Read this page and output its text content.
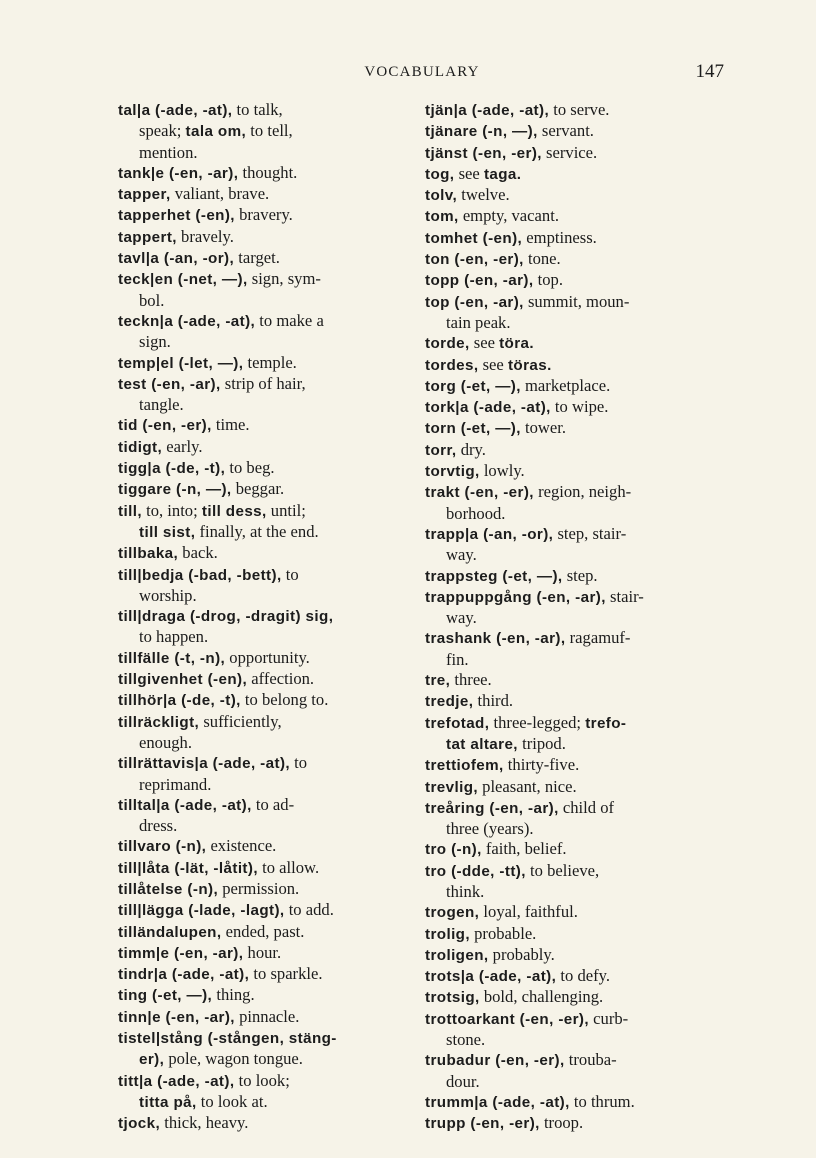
VOCABULARY	147

tal|a (-ade, -at), to talk,
speak; tala om, to tell,
mention.

tank|e (-en, -ar), thought.

tapper, valiant, brave.

tapperhet (-en), bravery.

tappert, bravely.

tavl|a (-an, -or), target.

teck|en (-net, —), sign, sym-
bol.

teckn|a (-ade, -at), to make a
sign.

temp|el (-let, —), temple.

test (-en, -ar), strip of hair,
tangle.

tid (-en, -er), time.

tidigt, early.

tigg|a (-de, -t), to beg.

tiggare (-n, —), beggar.

till, to, into; till dess, until;
till sist, finally, at the end.

tillbaka, back.

till|bedja (-bad, -bett), to
worship.

till|draga (-drog, -dragit) sig,
to happen.

tillfälle (-t, -n), opportunity.

tillgivenhet (-en), affection.

tillhör|a (-de, -t), to belong to.

tillräckligt, sufficiently,
enough.

tillrättavis|a (-ade, -at), to
reprimand.

tilltal|a (-ade, -at), to ad-
dress.

tillvaro (-n), existence.

till|låta (-lät, -låtit), to allow.

tillåtelse (-n), permission.

till|lägga (-lade, -lagt), to add.

tilländalupen, ended, past.

timm|e (-en, -ar), hour.

tindr|a (-ade, -at), to sparkle.

ting (-et, —), thing.

tinn|e (-en, -ar), pinnacle.

tistel|stång (-stången, stäng-
er), pole, wagon tongue.

titt|a (-ade, -at), to look;
titta på, to look at.

tjock, thick, heavy.

tjän|a (-ade, -at), to serve.

tjänare (-n, —), servant.

tjänst (-en, -er), service.

tog, see taga.

tolv, twelve.

tom, empty, vacant.

tomhet (-en), emptiness.

ton (-en, -er), tone.

topp (-en, -ar), top.

top (-en, -ar), summit, moun-
tain peak.

torde, see töra.

tordes, see töras.

torg (-et, —), marketplace.

tork|a (-ade, -at), to wipe.

torn (-et, —), tower.

torr, dry.

torvtig, lowly.

trakt (-en, -er), region, neigh-
borhood.

trapp|a (-an, -or), step, stair-
way.

trappsteg (-et, —), step.

trappuppgång (-en, -ar), stair-
way.

trashank (-en, -ar), ragamuf-
fin.

tre, three.

tredje, third.

trefotad, three-legged; trefo-
tat altare, tripod.

trettiofem, thirty-five.

trevlig, pleasant, nice.

treåring (-en, -ar), child of
three (years).

tro (-n), faith, belief.

tro (-dde, -tt), to believe,
think.

trogen, loyal, faithful.

trolig, probable.

troligen, probably.

trots|a (-ade, -at), to defy.

trotsig, bold, challenging.

trottoarkant (-en, -er), curb-
stone.

trubadur (-en, -er), trouba-
dour.

trumm|a (-ade, -at), to thrum.

trupp (-en, -er), troop.
